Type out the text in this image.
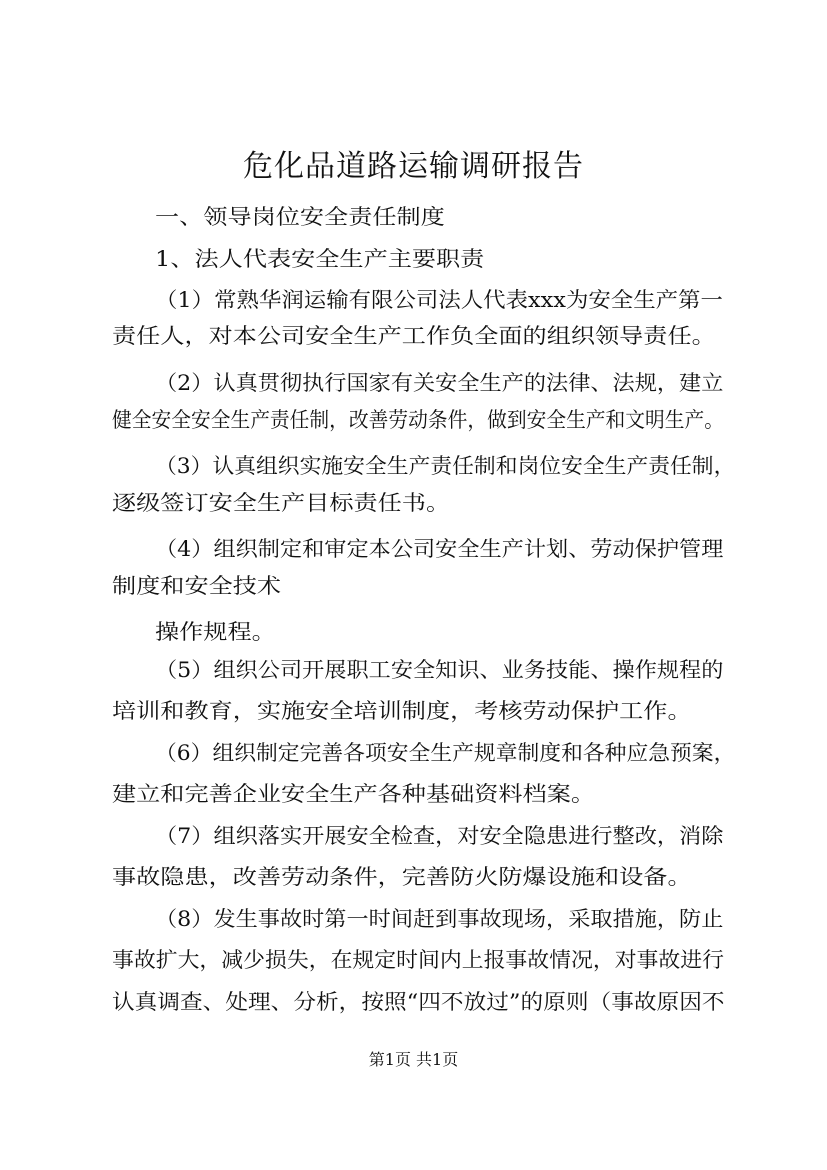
危化品道路运输调研报告

一、领导岗位安全责任制度

1、法人代表安全生产主要职责

（1）常熟华润运输有限公司法人代表xxx为安全生产第一

责任人，对本公司安全生产工作负全面的组织领导责任。

（2）认真贯彻执行国家有关安全生产的法律、法规，建立

健全安全安全生产责任制，改善劳动条件，做到安全生产和文明生产。

（3）认真组织实施安全生产责任制和岗位安全生产责任制，

逐级签订安全生产目标责任书。

（4）组织制定和审定本公司安全生产计划、劳动保护管理

制度和安全技术

操作规程。

（5）组织公司开展职工安全知识、业务技能、操作规程的

培训和教育，实施安全培训制度，考核劳动保护工作。

（6）组织制定完善各项安全生产规章制度和各种应急预案，

建立和完善企业安全生产各种基础资料档案。

（7）组织落实开展安全检查，对安全隐患进行整改，消除

事故隐患，改善劳动条件，完善防火防爆设施和设备。

（8）发生事故时第一时间赶到事故现场，采取措施，防止

事故扩大，减少损失，在规定时间内上报事故情况，对事故进行

认真调查、处理、分析，按照“四不放过”的原则（事故原因不

第1页 共1页
